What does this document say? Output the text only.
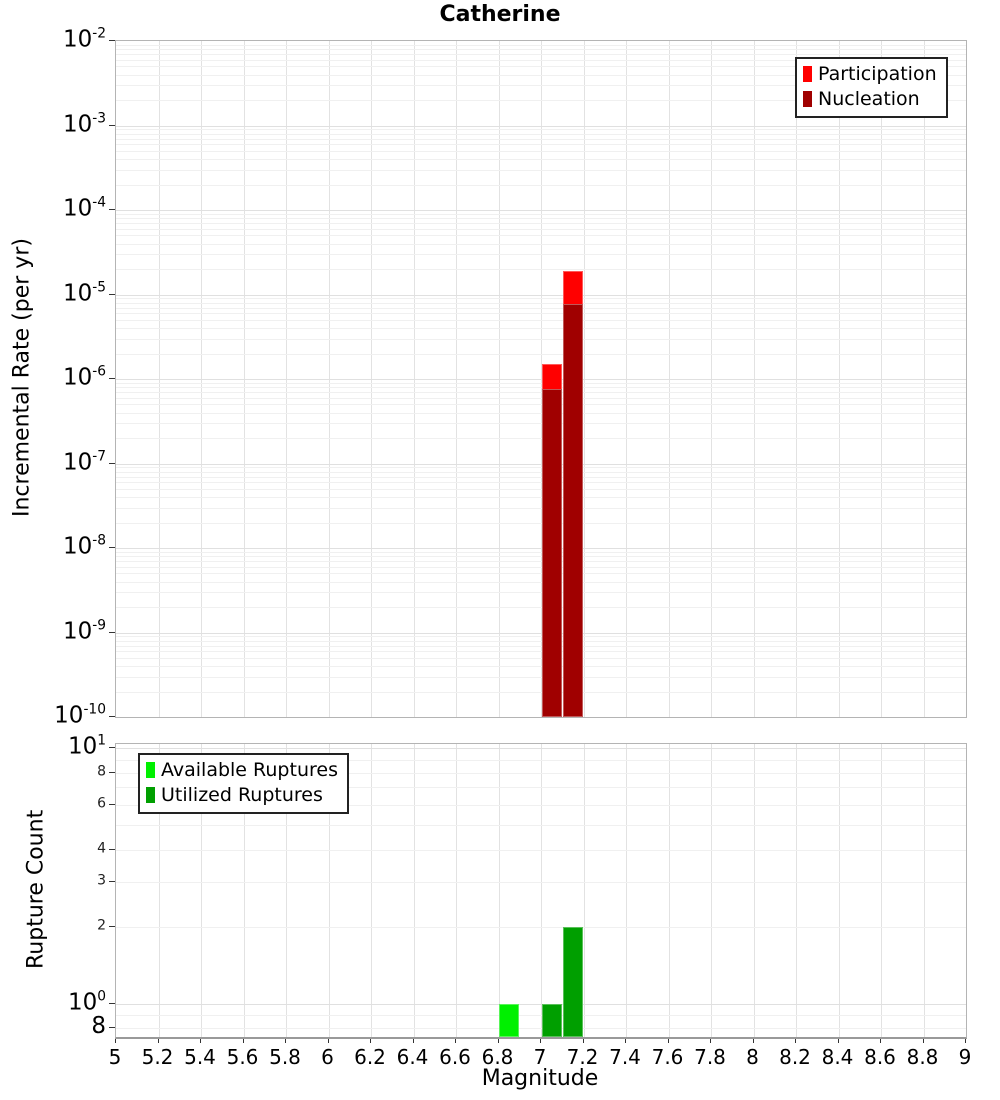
Catherine
Incremental Rate (per yr)
Rupture Count
Participation
Nucleation
Available Ruptures
Utilized Ruptures
Magnitude
$10^{-2}$
$10^{-3}$
$10^{-4}$
$10^{-5}$
$10^{-6}$
$10^{-7}$
$10^{-8}$
$10^{-9}$
$10^{-10}$
$10^1$
8
6
4
3
2
$10^0$
8
5 5.2 5.4 5.6 5.8 6 6.2 6.4 6.6 6.8 7 7.2 7.4 7.6 7.8 8 8.2 8.4 8.6 8.8 9
